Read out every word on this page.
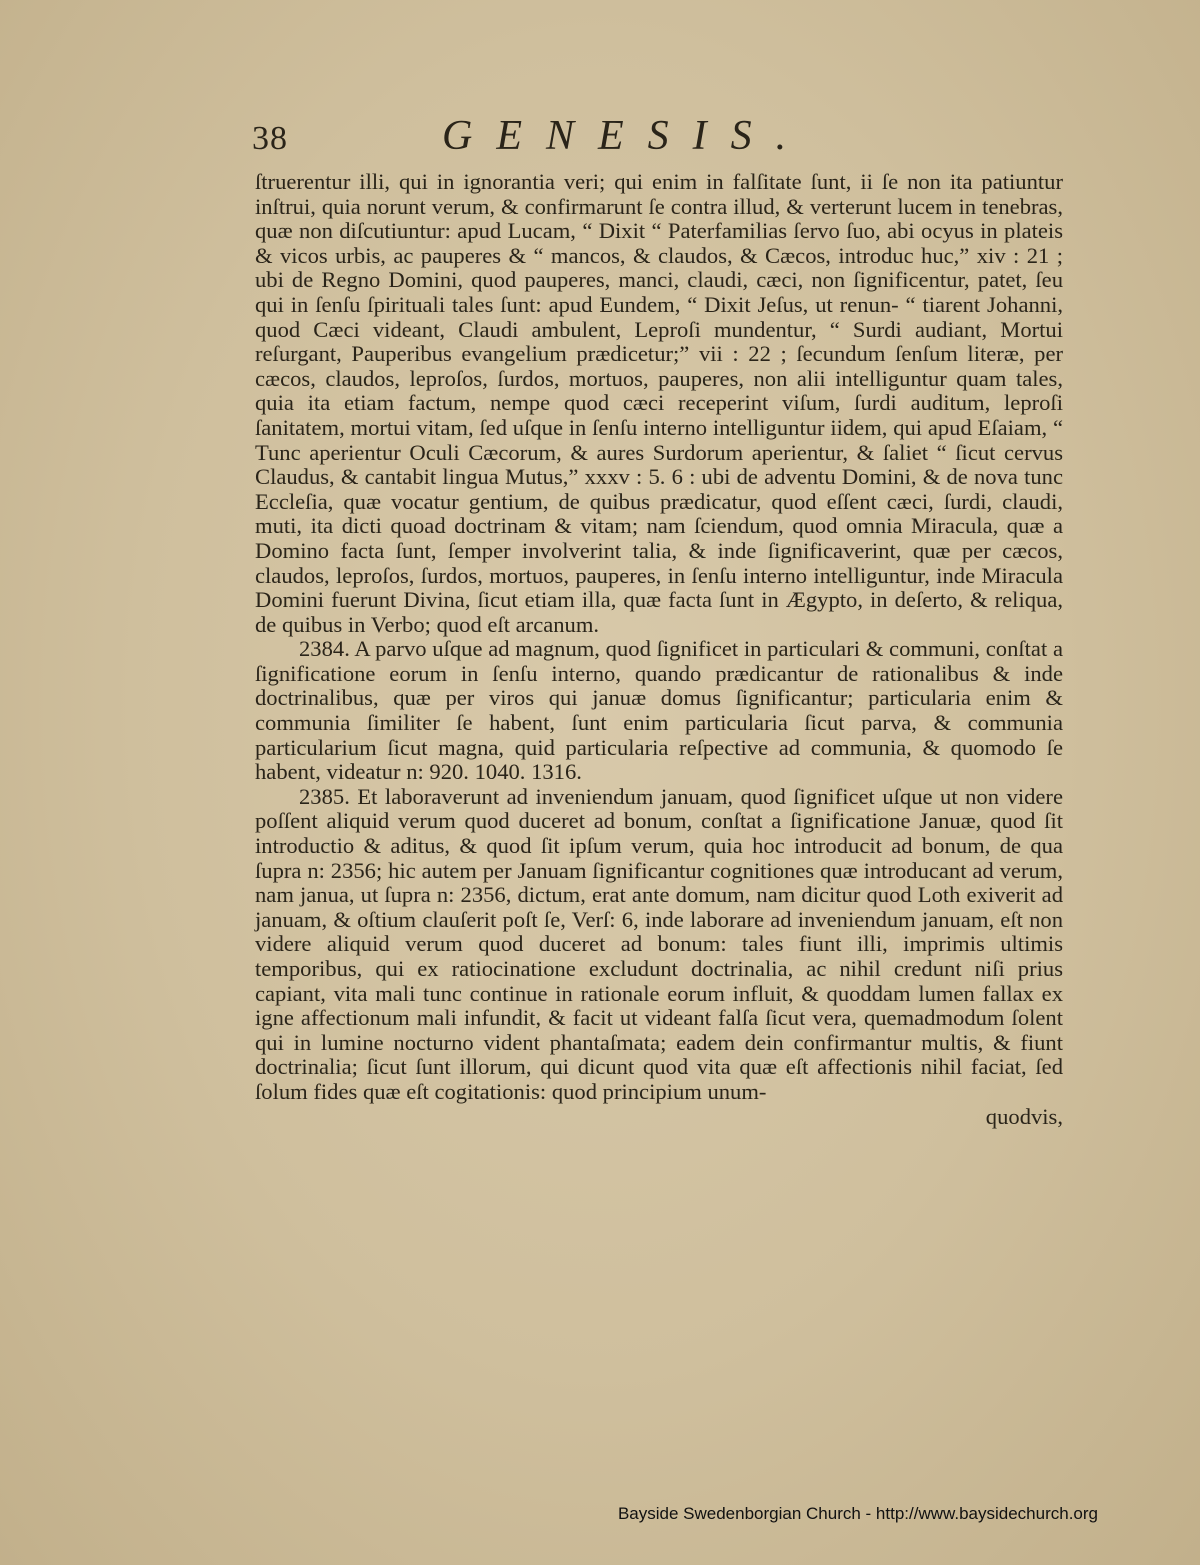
38	GENESIS.

ſtruerentur illi, qui in ignorantia veri; qui enim in falſitate ſunt, ii ſe non ita patiuntur inſtrui, quia norunt verum, & confirmarunt ſe contra illud, & verterunt lucem in tenebras, quæ non diſcutiuntur: apud Lucam, “ Dixit “ Paterfamilias ſervo ſuo, abi ocyus in plateis & vicos urbis, ac pauperes & “ mancos, & claudos, & Cæcos, introduc huc,” xiv : 21 ; ubi de Regno Domini, quod pauperes, manci, claudi, cæci, non ſignificentur, patet, ſeu qui in ſenſu ſpirituali tales ſunt: apud Eundem, “ Dixit Jeſus, ut renun- “ tiarent Johanni, quod Cæci videant, Claudi ambulent, Leproſi mundentur, “ Surdi audiant, Mortui reſurgant, Pauperibus evangelium prædicetur;” vii : 22 ; ſecundum ſenſum literæ, per cæcos, claudos, leproſos, ſurdos, mortuos, pauperes, non alii intelliguntur quam tales, quia ita etiam factum, nempe quod cæci receperint viſum, ſurdi auditum, leproſi ſanitatem, mortui vitam, ſed uſque in ſenſu interno intelliguntur iidem, qui apud Eſaiam, “ Tunc aperientur Oculi Cæcorum, & aures Surdorum aperientur, & ſaliet “ ſicut cervus Claudus, & cantabit lingua Mutus,” xxxv : 5. 6 : ubi de adventu Domini, & de nova tunc Eccleſia, quæ vocatur gentium, de quibus prædicatur, quod eſſent cæci, ſurdi, claudi, muti, ita dicti quoad doctrinam & vitam; nam ſciendum, quod omnia Miracula, quæ a Domino facta ſunt, ſemper involverint talia, & inde ſignificaverint, quæ per cæcos, claudos, leproſos, ſurdos, mortuos, pauperes, in ſenſu interno intelliguntur, inde Miracula Domini fuerunt Divina, ſicut etiam illa, quæ facta ſunt in Ægypto, in deſerto, & reliqua, de quibus in Verbo; quod eſt arcanum.

2384. A parvo uſque ad magnum, quod ſignificet in particulari & communi, conſtat a ſignificatione eorum in ſenſu interno, quando prædicantur de rationalibus & inde doctrinalibus, quæ per viros qui januæ domus ſignificantur; particularia enim & communia ſimiliter ſe habent, ſunt enim particularia ſicut parva, & communia particularium ſicut magna, quid particularia reſpective ad communia, & quomodo ſe habent, videatur n: 920. 1040. 1316.

2385. Et laboraverunt ad inveniendum januam, quod ſignificet uſque ut non videre poſſent aliquid verum quod duceret ad bonum, conſtat a ſignificatione Januæ, quod ſit introductio & aditus, & quod ſit ipſum verum, quia hoc introducit ad bonum, de qua ſupra n: 2356; hic autem per Januam ſignificantur cognitiones quæ introducant ad verum, nam janua, ut ſupra n: 2356, dictum, erat ante domum, nam dicitur quod Loth exiverit ad januam, & oſtium clauſerit poſt ſe, Verſ: 6, inde laborare ad inveniendum januam, eſt non videre aliquid verum quod duceret ad bonum: tales fiunt illi, imprimis ultimis temporibus, qui ex ratiocinatione excludunt doctrinalia, ac nihil credunt niſi prius capiant, vita mali tunc continue in rationale eorum influit, & quoddam lumen fallax ex igne affectionum mali infundit, & facit ut videant falſa ſicut vera, quemadmodum ſolent qui in lumine nocturno vident phantaſmata; eadem dein confirmantur multis, & fiunt doctrinalia; ſicut ſunt illorum, qui dicunt quod vita quæ eſt affectionis nihil faciat, ſed ſolum fides quæ eſt cogitationis: quod principium unum-

quodvis,

Bayside Swedenborgian Church - http://www.baysidechurch.org
